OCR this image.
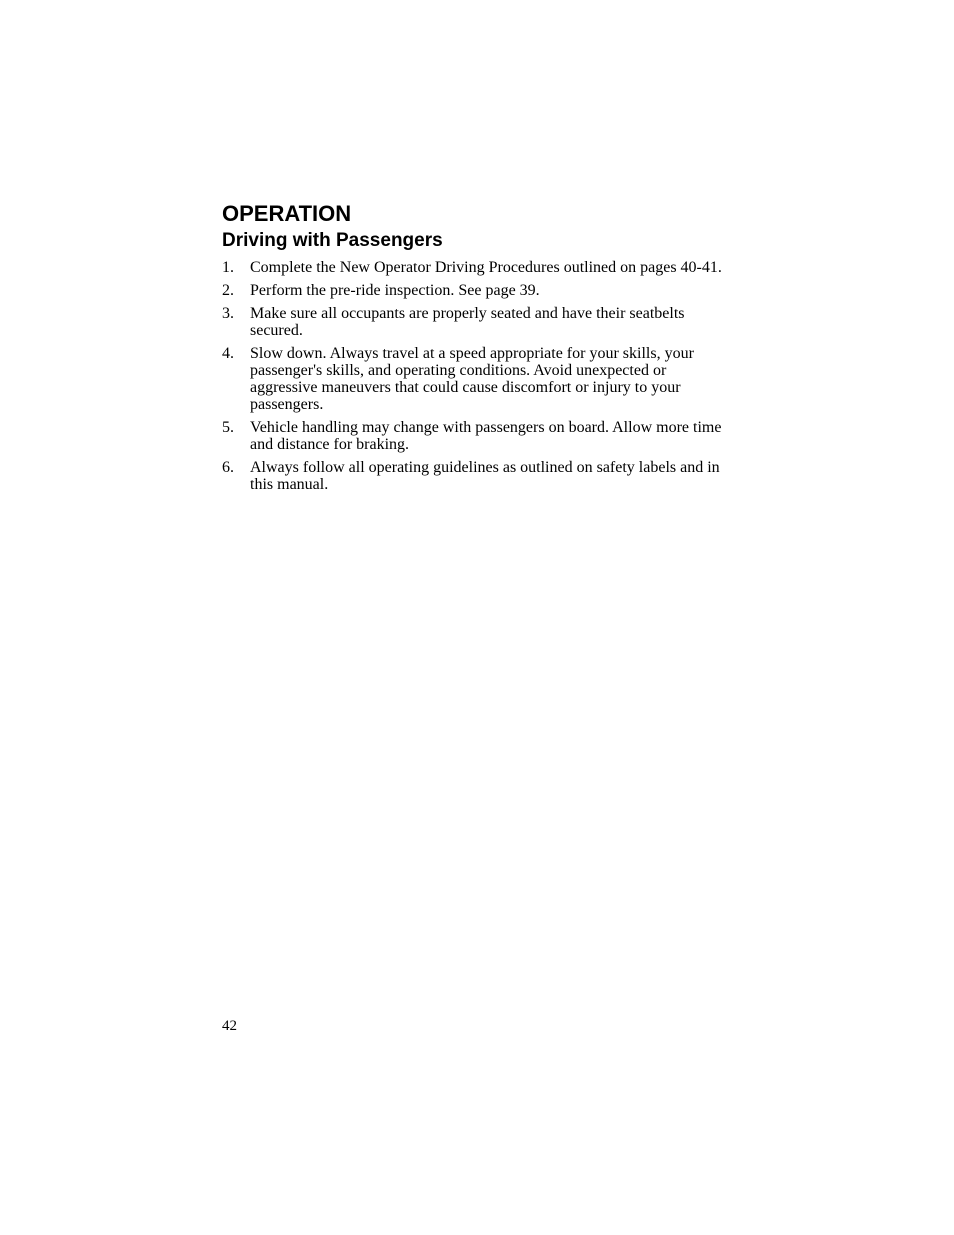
OPERATION
Driving with Passengers
1. Complete the New Operator Driving Procedures outlined on pages 40-41.
2. Perform the pre-ride inspection. See page 39.
3. Make sure all occupants are properly seated and have their seatbelts secured.
4. Slow down. Always travel at a speed appropriate for your skills, your passenger's skills, and operating conditions. Avoid unexpected or aggressive maneuvers that could cause discomfort or injury to your passengers.
5. Vehicle handling may change with passengers on board. Allow more time and distance for braking.
6. Always follow all operating guidelines as outlined on safety labels and in this manual.
42
